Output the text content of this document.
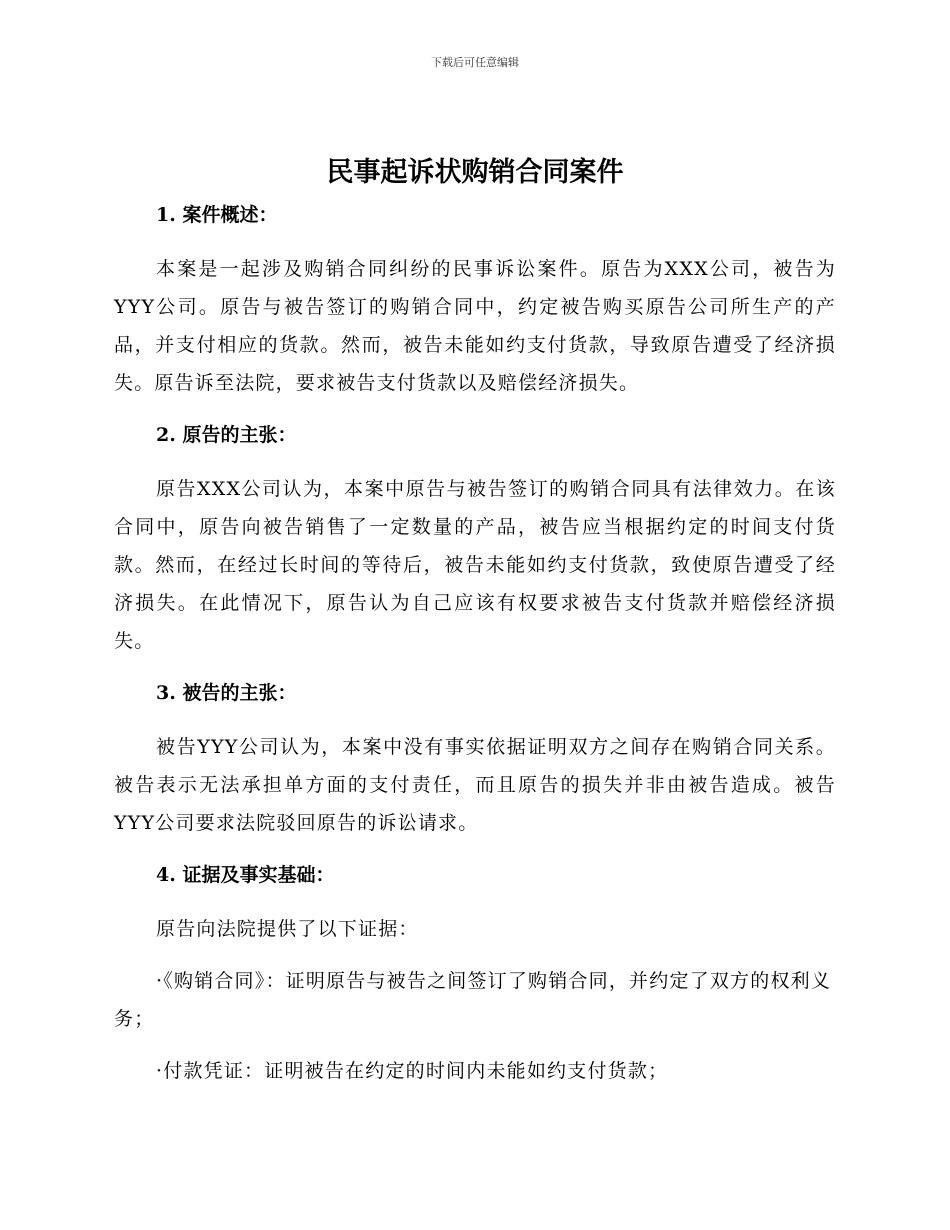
下载后可任意编辑
民事起诉状购销合同案件

1. 案件概述：

本案是一起涉及购销合同纠纷的民事诉讼案件。原告为XXX公司，被告为YYY公司。原告与被告签订的购销合同中，约定被告购买原告公司所生产的产品，并支付相应的货款。然而，被告未能如约支付货款，导致原告遭受了经济损失。原告诉至法院，要求被告支付货款以及赔偿经济损失。

2. 原告的主张：

原告XXX公司认为，本案中原告与被告签订的购销合同具有法律效力。在该合同中，原告向被告销售了一定数量的产品，被告应当根据约定的时间支付货款。然而，在经过长时间的等待后，被告未能如约支付货款，致使原告遭受了经济损失。在此情况下，原告认为自己应该有权要求被告支付货款并赔偿经济损失。

3. 被告的主张：

被告YYY公司认为，本案中没有事实依据证明双方之间存在购销合同关系。被告表示无法承担单方面的支付责任，而且原告的损失并非由被告造成。被告YYY公司要求法院驳回原告的诉讼请求。

4. 证据及事实基础：

原告向法院提供了以下证据：

·《购销合同》：证明原告与被告之间签订了购销合同，并约定了双方的权利义务；

·付款凭证：证明被告在约定的时间内未能如约支付货款；
